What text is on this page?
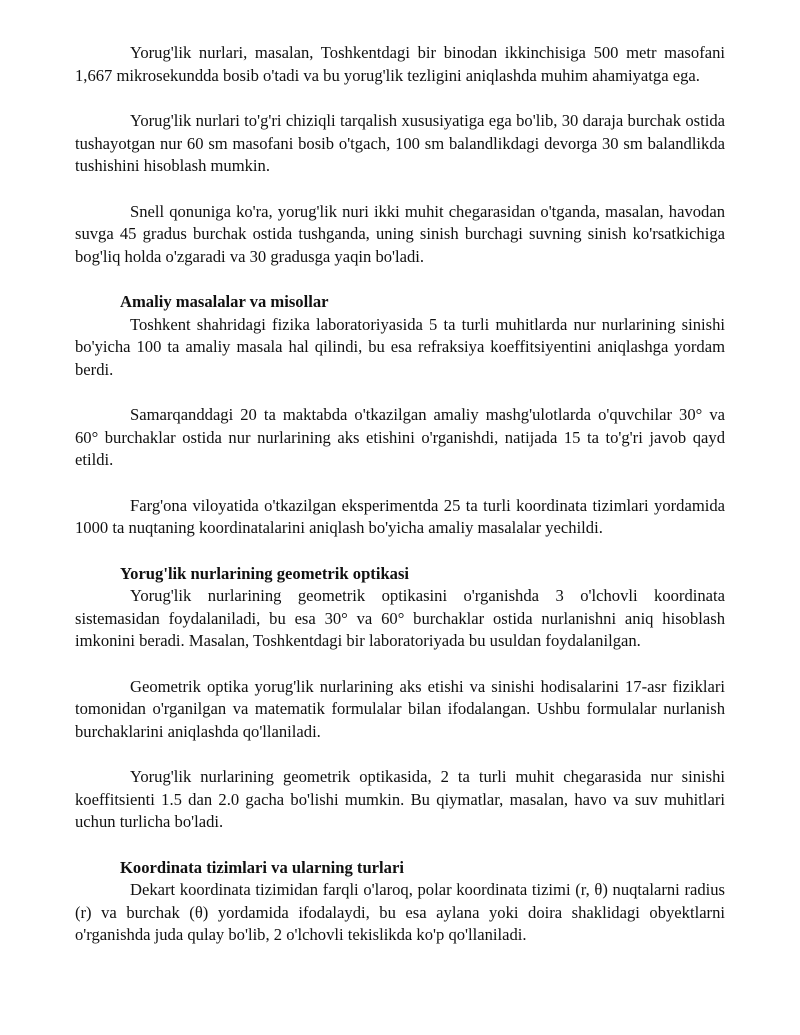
Yorug'lik nurlari, masalan, Toshkentdagi bir binodan ikkinchisiga 500 metr masofani 1,667 mikrosekundda bosib o'tadi va bu yorug'lik tezligini aniqlashda muhim ahamiyatga ega.

Yorug'lik nurlari to'g'ri chiziqli tarqalish xususiyatiga ega bo'lib, 30 daraja burchak ostida tushayotgan nur 60 sm masofani bosib o'tgach, 100 sm balandlikdagi devorga 30 sm balandlikda tushishini hisoblash mumkin.

Snell qonuniga ko'ra, yorug'lik nuri ikki muhit chegarasidan o'tganda, masalan, havodan suvga 45 gradus burchak ostida tushganda, uning sinish burchagi suvning sinish ko'rsatkichiga bog'liq holda o'zgaradi va 30 gradusga yaqin bo'ladi.

Amaliy masalalar va misollar

Toshkent shahridagi fizika laboratoriyasida 5 ta turli muhitlarda nur nurlarining sinishi bo'yicha 100 ta amaliy masala hal qilindi, bu esa refraksiya koeffitsiyentini aniqlashga yordam berdi.

Samarqanddagi 20 ta maktabda o'tkazilgan amaliy mashg'ulotlarda o'quvchilar 30° va 60° burchaklar ostida nur nurlarining aks etishini o'rganishdi, natijada 15 ta to'g'ri javob qayd etildi.

Farg'ona viloyatida o'tkazilgan eksperimentda 25 ta turli koordinata tizimlari yordamida 1000 ta nuqtaning koordinatalarini aniqlash bo'yicha amaliy masalalar yechildi.

Yorug'lik nurlarining geometrik optikasi

Yorug'lik nurlarining geometrik optikasini o'rganishda 3 o'lchovli koordinata sistemasidan foydalaniladi, bu esa 30° va 60° burchaklar ostida nurlanishni aniq hisoblash imkonini beradi. Masalan, Toshkentdagi bir laboratoriyada bu usuldan foydalanilgan.

Geometrik optika yorug'lik nurlarining aks etishi va sinishi hodisalarini 17-asr fiziklari tomonidan o'rganilgan va matematik formulalar bilan ifodalangan. Ushbu formulalar nurlanish burchaklarini aniqlashda qo'llaniladi.

Yorug'lik nurlarining geometrik optikasida, 2 ta turli muhit chegarasida nur sinishi koeffitsienti 1.5 dan 2.0 gacha bo'lishi mumkin. Bu qiymatlar, masalan, havo va suv muhitlari uchun turlicha bo'ladi.

Koordinata tizimlari va ularning turlari

Dekart koordinata tizimidan farqli o'laroq, polar koordinata tizimi (r, θ) nuqtalarni radius (r) va burchak (θ) yordamida ifodalaydi, bu esa aylana yoki doira shaklidagi obyektlarni o'rganishda juda qulay bo'lib, 2 o'lchovli tekislikda ko'p qo'llaniladi.
